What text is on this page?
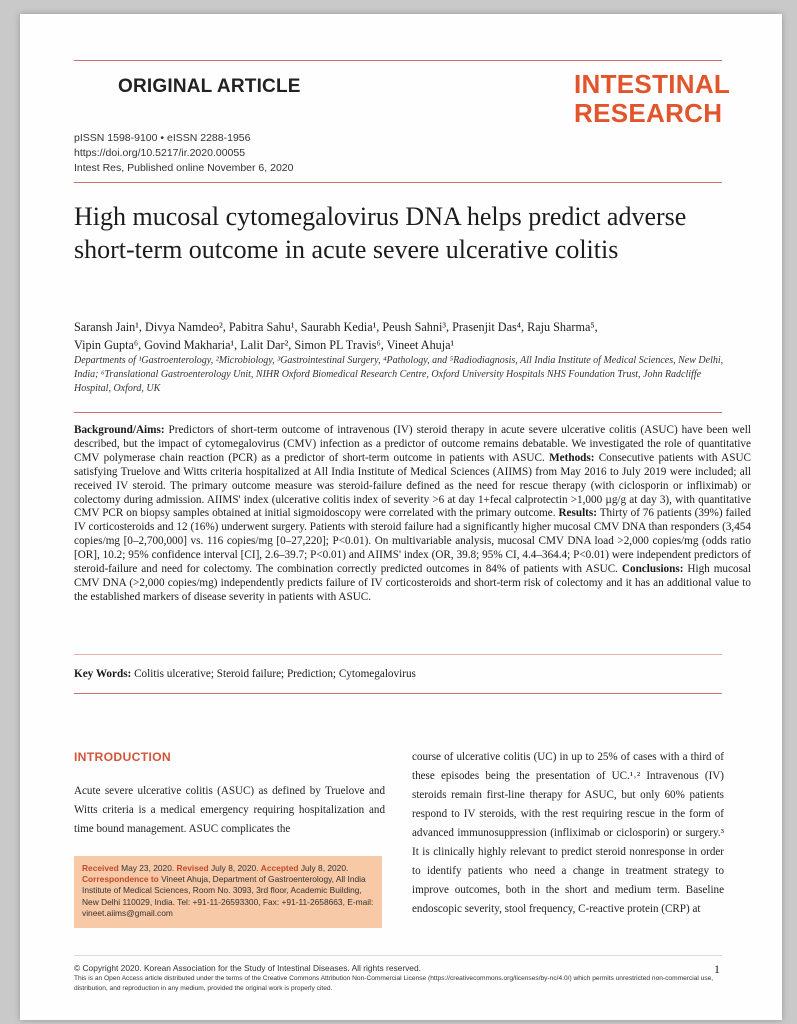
ORIGINAL ARTICLE	INTESTINAL
RESEARCH
pISSN 1598-9100 • eISSN 2288-1956
https://doi.org/10.5217/ir.2020.00055
Intest Res, Published online November 6, 2020
High mucosal cytomegalovirus DNA helps predict adverse short-term outcome in acute severe ulcerative colitis
Saransh Jain¹, Divya Namdeo², Pabitra Sahu¹, Saurabh Kedia¹, Peush Sahni³, Prasenjit Das⁴, Raju Sharma⁵,
Vipin Gupta⁶, Govind Makharia¹, Lalit Dar², Simon PL Travis⁶, Vineet Ahuja¹
Departments of ¹Gastroenterology, ²Microbiology, ³Gastrointestinal Surgery, ⁴Pathology, and ⁵Radiodiagnosis, All India Institute of Medical Sciences, New Delhi, India; ⁶Translational Gastroenterology Unit, NIHR Oxford Biomedical Research Centre, Oxford University Hospitals NHS Foundation Trust, John Radcliffe Hospital, Oxford, UK
Background/Aims: Predictors of short-term outcome of intravenous (IV) steroid therapy in acute severe ulcerative colitis (ASUC) have been well described, but the impact of cytomegalovirus (CMV) infection as a predictor of outcome remains debatable. We investigated the role of quantitative CMV polymerase chain reaction (PCR) as a predictor of short-term outcome in patients with ASUC. Methods: Consecutive patients with ASUC satisfying Truelove and Witts criteria hospitalized at All India Institute of Medical Sciences (AIIMS) from May 2016 to July 2019 were included; all received IV steroid. The primary outcome measure was steroid-failure defined as the need for rescue therapy (with ciclosporin or infliximab) or colectomy during admission. AIIMS' index (ulcerative colitis index of severity >6 at day 1+fecal calprotectin >1,000 µg/g at day 3), with quantitative CMV PCR on biopsy samples obtained at initial sigmoidoscopy were correlated with the primary outcome. Results: Thirty of 76 patients (39%) failed IV corticosteroids and 12 (16%) underwent surgery. Patients with steroid failure had a significantly higher mucosal CMV DNA than responders (3,454 copies/mg [0–2,700,000] vs. 116 copies/mg [0–27,220]; P<0.01). On multivariable analysis, mucosal CMV DNA load >2,000 copies/mg (odds ratio [OR], 10.2; 95% confidence interval [CI], 2.6–39.7; P<0.01) and AIIMS' index (OR, 39.8; 95% CI, 4.4–364.4; P<0.01) were independent predictors of steroid-failure and need for colectomy. The combination correctly predicted outcomes in 84% of patients with ASUC. Conclusions: High mucosal CMV DNA (>2,000 copies/mg) independently predicts failure of IV corticosteroids and short-term risk of colectomy and it has an additional value to the established markers of disease severity in patients with ASUC.
Key Words: Colitis ulcerative; Steroid failure; Prediction; Cytomegalovirus
INTRODUCTION
Acute severe ulcerative colitis (ASUC) as defined by Truelove and Witts criteria is a medical emergency requiring hospitalization and time bound management. ASUC complicates the
course of ulcerative colitis (UC) in up to 25% of cases with a third of these episodes being the presentation of UC.¹˒² Intravenous (IV) steroids remain first-line therapy for ASUC, but only 60% patients respond to IV steroids, with the rest requiring rescue in the form of advanced immunosuppression (infliximab or ciclosporin) or surgery.³ It is clinically highly relevant to predict steroid nonresponse in order to identify patients who need a change in treatment strategy to improve outcomes, both in the short and medium term. Baseline endoscopic severity, stool frequency, C-reactive protein (CRP) at
Received May 23, 2020. Revised July 8, 2020. Accepted July 8, 2020.
Correspondence to Vineet Ahuja, Department of Gastroenterology, All India Institute of Medical Sciences, Room No. 3093, 3rd floor, Academic Building, New Delhi 110029, India. Tel: +91-11-26593300, Fax: +91-11-2658663, E-mail: vineet.aiims@gmail.com
© Copyright 2020. Korean Association for the Study of Intestinal Diseases. All rights reserved.
This is an Open Access article distributed under the terms of the Creative Commons Attribution Non-Commercial License (https://creativecommons.org/licenses/by-nc/4.0/) which permits unrestricted non-commercial use, distribution, and reproduction in any medium, provided the original work is properly cited.
1
